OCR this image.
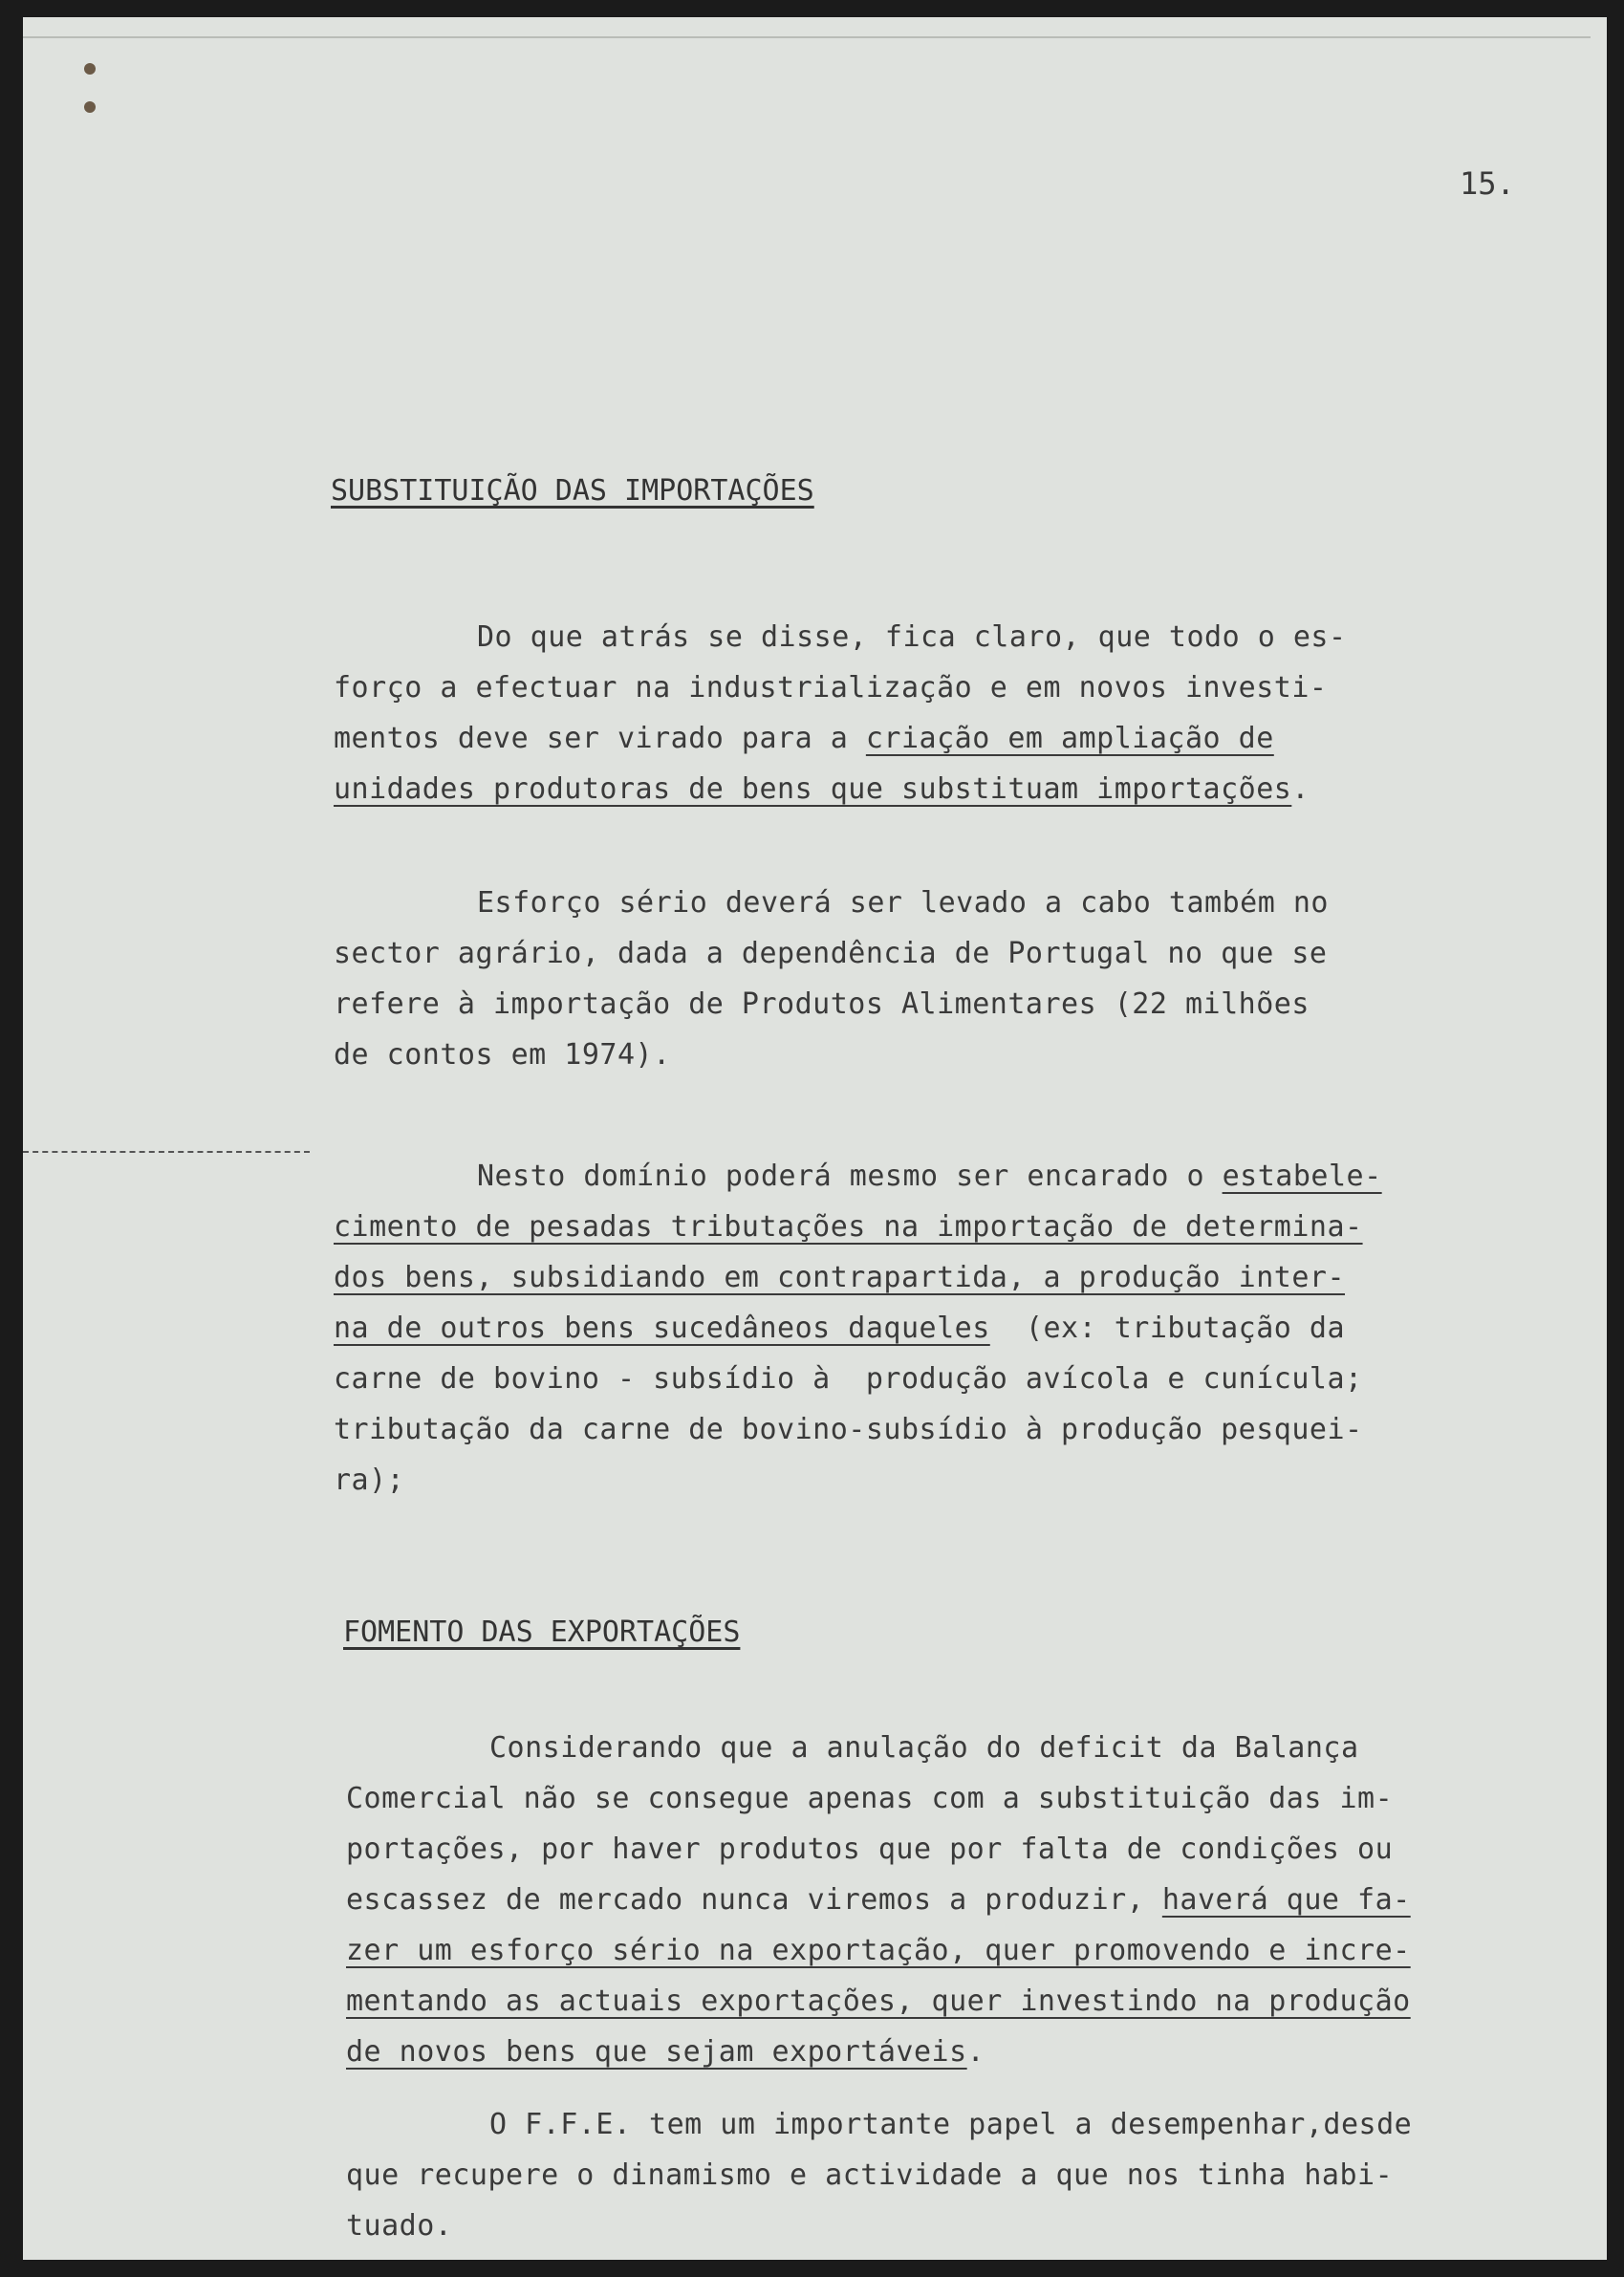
15.
SUBSTITUIÇÃO DAS IMPORTAÇÕES
Do que atrás se disse, fica claro, que todo o es-
forço a efectuar na industrialização e em novos investi-
mentos deve ser virado para a criação em ampliação de
unidades produtoras de bens que substituam importações.
Esforço sério deverá ser levado a cabo também no
sector agrário, dada a dependência de Portugal no que se
refere à importação de Produtos Alimentares (22 milhões
de contos em 1974).
Nesto domínio poderá mesmo ser encarado o estabele-
cimento de pesadas tributações na importação de determina-
dos bens, subsidiando em contrapartida, a produção inter-
na de outros bens sucedâneos daqueles  (ex: tributação da
carne de bovino - subsídio à  produção avícola e cunícula;
tributação da carne de bovino-subsídio à produção pesquei-
ra);
FOMENTO DAS EXPORTAÇÕES
Considerando que a anulação do deficit da Balança
Comercial não se consegue apenas com a substituição das im-
portações, por haver produtos que por falta de condições ou
escassez de mercado nunca viremos a produzir, haverá que fa-
zer um esforço sério na exportação, quer promovendo e incre-
mentando as actuais exportações, quer investindo na produção
de novos bens que sejam exportáveis.
O F.F.E. tem um importante papel a desempenhar,desde
que recupere o dinamismo e actividade a que nos tinha habi-
tuado.
